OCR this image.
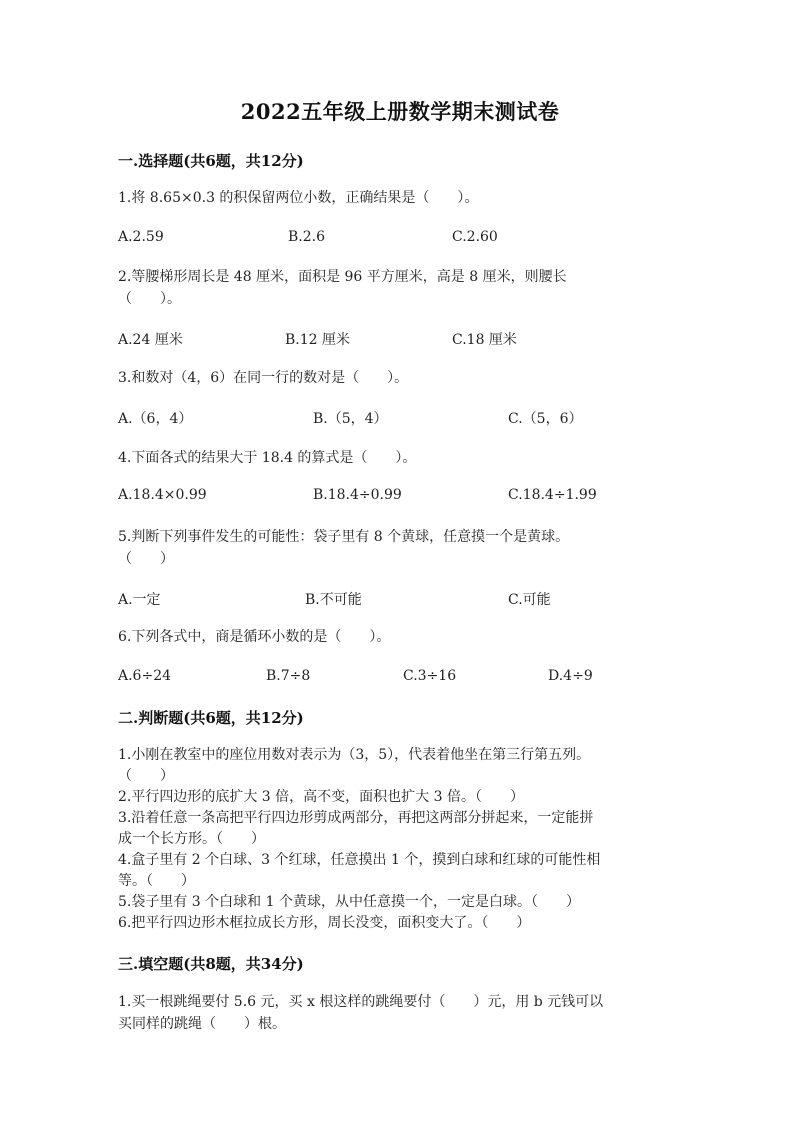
2022五年级上册数学期末测试卷
一.选择题(共6题，共12分)
1.将 8.65×0.3 的积保留两位小数，正确结果是（　　）。
A.2.59	B.2.6	C.2.60
2.等腰梯形周长是 48 厘米，面积是 96 平方厘米，高是 8 厘米，则腰长
（　　）。
A.24 厘米	B.12 厘米	C.18 厘米
3.和数对（4，6）在同一行的数对是（　　）。
A.（6，4）	B.（5，4）	C.（5，6）
4.下面各式的结果大于 18.4 的算式是（　　）。
A.18.4×0.99	B.18.4÷0.99	C.18.4÷1.99
5.判断下列事件发生的可能性：袋子里有 8 个黄球，任意摸一个是黄球。
（　　）
A.一定	B.不可能	C.可能
6.下列各式中，商是循环小数的是（　　）。
A.6÷24	B.7÷8	C.3÷16	D.4÷9
二.判断题(共6题，共12分)
1.小刚在教室中的座位用数对表示为（3，5），代表着他坐在第三行第五列。
（　　）
2.平行四边形的底扩大 3 倍，高不变，面积也扩大 3 倍。（　　）
3.沿着任意一条高把平行四边形剪成两部分，再把这两部分拼起来，一定能拼
成一个长方形。（　　）
4.盒子里有 2 个白球、3 个红球，任意摸出 1 个，摸到白球和红球的可能性相
等。（　　）
5.袋子里有 3 个白球和 1 个黄球，从中任意摸一个，一定是白球。（　　）
6.把平行四边形木框拉成长方形，周长没变，面积变大了。（　　）
三.填空题(共8题，共34分)
1.买一根跳绳要付 5.6 元，买 x 根这样的跳绳要付（　　）元，用 b 元钱可以
买同样的跳绳（　　）根。
